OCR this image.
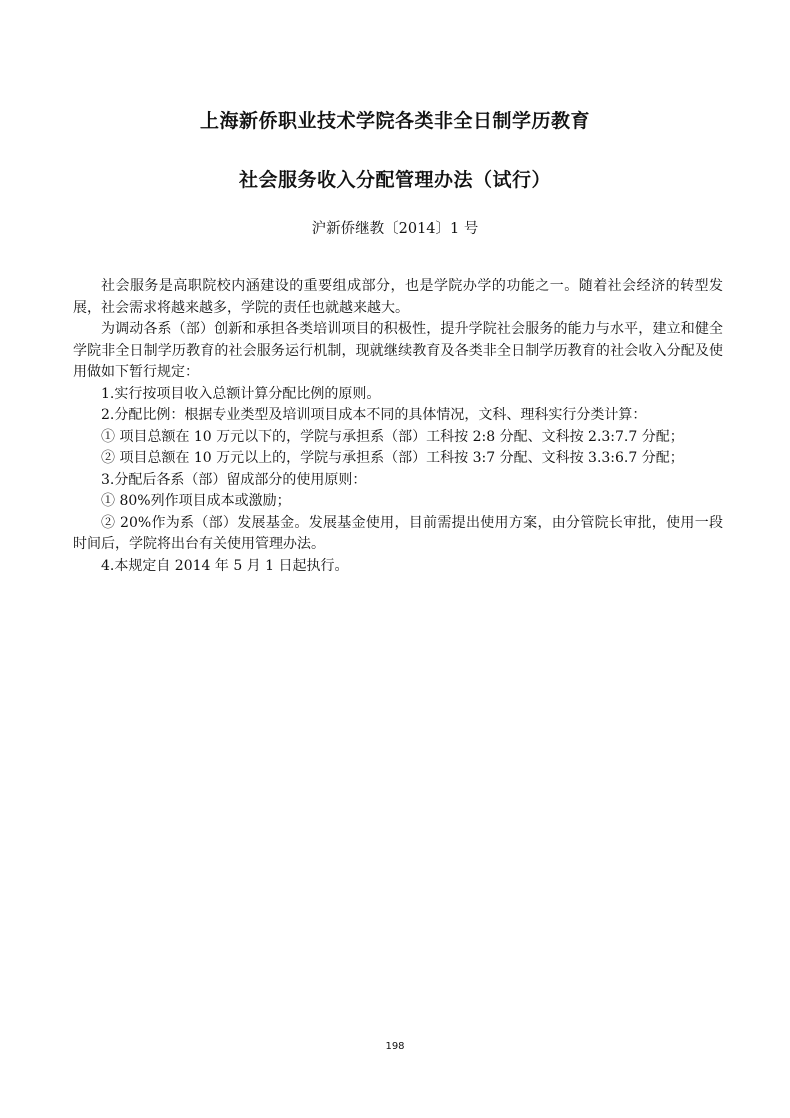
上海新侨职业技术学院各类非全日制学历教育
社会服务收入分配管理办法（试行）
沪新侨继教〔2014〕1 号

社会服务是高职院校内涵建设的重要组成部分，也是学院办学的功能之一。随着社会经济的转型发展，社会需求将越来越多，学院的责任也就越来越大。

为调动各系（部）创新和承担各类培训项目的积极性，提升学院社会服务的能力与水平，建立和健全学院非全日制学历教育的社会服务运行机制，现就继续教育及各类非全日制学历教育的社会收入分配及使用做如下暂行规定：

1.实行按项目收入总额计算分配比例的原则。

2.分配比例：根据专业类型及培训项目成本不同的具体情况，文科、理科实行分类计算：

① 项目总额在 10 万元以下的，学院与承担系（部）工科按 2:8 分配、文科按 2.3:7.7 分配；

② 项目总额在 10 万元以上的，学院与承担系（部）工科按 3:7 分配、文科按 3.3:6.7 分配；

3.分配后各系（部）留成部分的使用原则：

① 80%列作项目成本或激励；

② 20%作为系（部）发展基金。发展基金使用，目前需提出使用方案，由分管院长审批，使用一段时间后，学院将出台有关使用管理办法。

4.本规定自 2014 年 5 月 1 日起执行。

198
